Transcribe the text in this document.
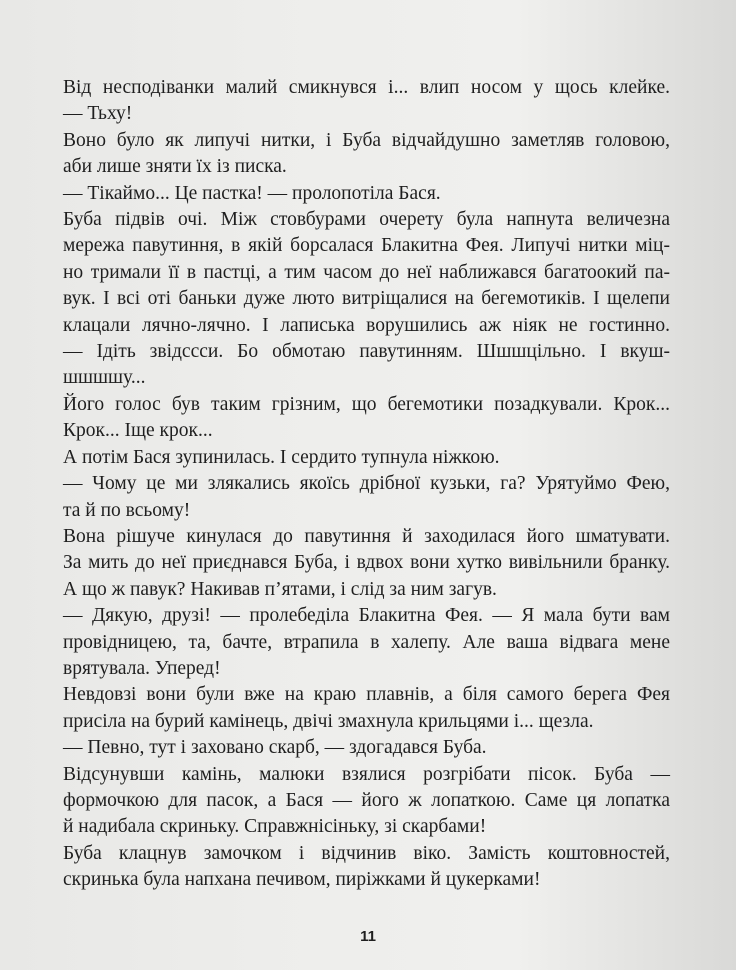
Від несподіванки малий смикнувся і... влип носом у щось клейке.
— Тьху!
Воно було як липучі нитки, і Буба відчайдушно заметляв головою,
аби лише зняти їх із писка.
— Тікаймо... Це пастка! — пролопотіла Бася.
Буба підвів очі. Між стовбурами очерету була напнута величезна
мережа павутиння, в якій борсалася Блакитна Фея. Липучі нитки міц-
но тримали її в пастці, а тим часом до неї наближався багатоокий па-
вук. І всі оті баньки дуже люто витріщалися на бегемотиків. І щелепи
клацали лячно-лячно. І лаписька ворушились аж ніяк не гостинно.
— Ідіть звідссси. Бо обмотаю павутинням. Шшшцільно. І вкуш-
шшшшу...
Його голос був таким грізним, що бегемотики позадкували. Крок...
Крок... Іще крок...
А потім Бася зупинилась. І сердито тупнула ніжкою.
— Чому це ми злякались якоїсь дрібної кузьки, га? Урятуймо Фею,
та й по всьому!
Вона рішуче кинулася до павутиння й заходилася його шматувати.
За мить до неї приєднався Буба, і вдвох вони хутко вивільнили бранку.
А що ж павук? Накивав п’ятами, і слід за ним загув.
— Дякую, друзі! — пролебеділа Блакитна Фея. — Я мала бути вам
провідницею, та, бачте, втрапила в халепу. Але ваша відвага мене
врятувала. Уперед!
Невдовзі вони були вже на краю плавнів, а біля самого берега Фея
присіла на бурий камінець, двічі змахнула крильцями і... щезла.
— Певно, тут і заховано скарб, — здогадався Буба.
Відсунувши камінь, малюки взялися розгрібати пісок. Буба —
формочкою для пасок, а Бася — його ж лопаткою. Саме ця лопатка
й надибала скриньку. Справжнісіньку, зі скарбами!
Буба клацнув замочком і відчинив віко. Замість коштовностей,
скринька була напхана печивом, пиріжками й цукерками!
11
